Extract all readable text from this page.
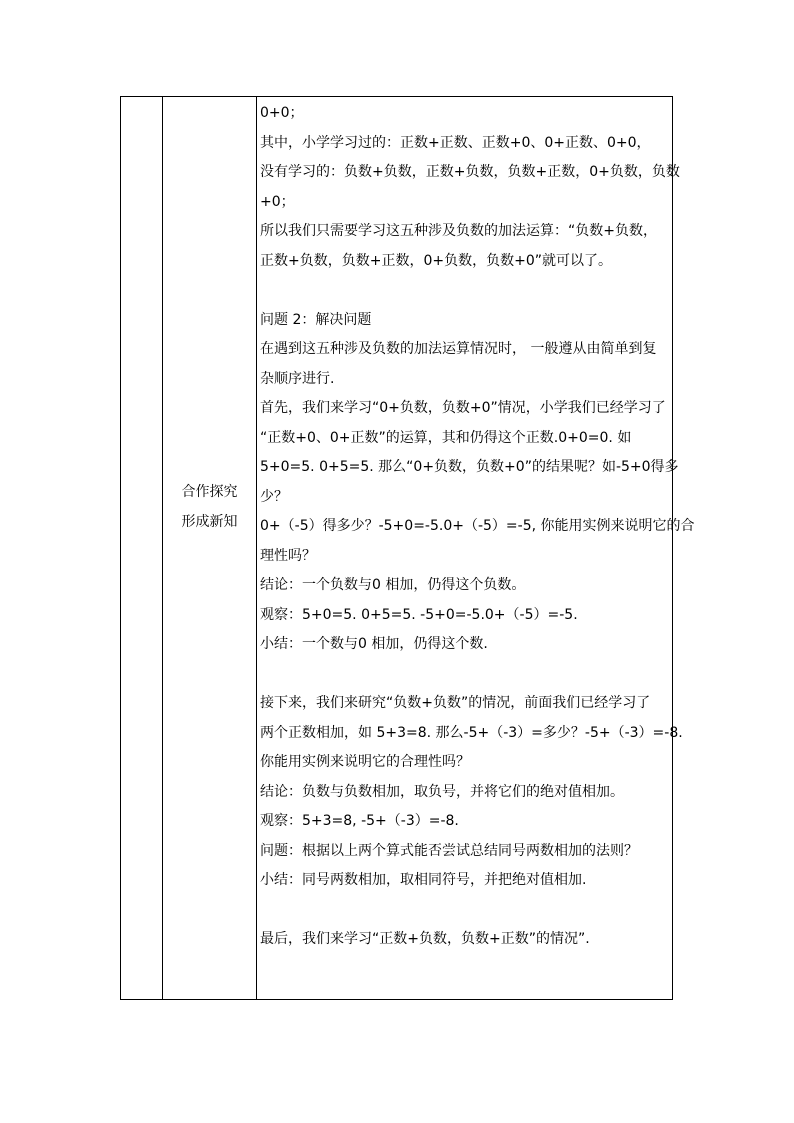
合作探究
形成新知
0+0；
其中，小学学习过的：正数+正数、正数+0、0+正数、0+0，
没有学习的：负数+负数，正数+负数，负数+正数，0+负数，负数
+0；
所以我们只需要学习这五种涉及负数的加法运算：“负数+负数，
正数+负数，负数+正数，0+负数，负数+0”就可以了。
问题 2：解决问题
在遇到这五种涉及负数的加法运算情况时， 一般遵从由简单到复
杂顺序进行.
首先，我们来学习“0+负数，负数+0”情况，小学我们已经学习了
“正数+0、0+正数”的运算，其和仍得这个正数.0+0=0. 如
5+0=5. 0+5=5. 那么“0+负数，负数+0”的结果呢？如-5+0得多
少？
0+（-5）得多少？-5+0=-5.0+（-5）=-5, 你能用实例来说明它的合
理性吗？
结论：一个负数与0 相加，仍得这个负数。
观察：5+0=5. 0+5=5. -5+0=-5.0+（-5）=-5.
小结：一个数与0 相加，仍得这个数.
接下来，我们来研究“负数+负数”的情况，前面我们已经学习了
两个正数相加，如 5+3=8. 那么-5+（-3）=多少？-5+（-3）=-8.
你能用实例来说明它的合理性吗？
结论：负数与负数相加，取负号，并将它们的绝对值相加。
观察：5+3=8, -5+（-3）=-8.
问题：根据以上两个算式能否尝试总结同号两数相加的法则？
小结：同号两数相加，取相同符号，并把绝对值相加.
最后，我们来学习“正数+负数，负数+正数”的情况”.
